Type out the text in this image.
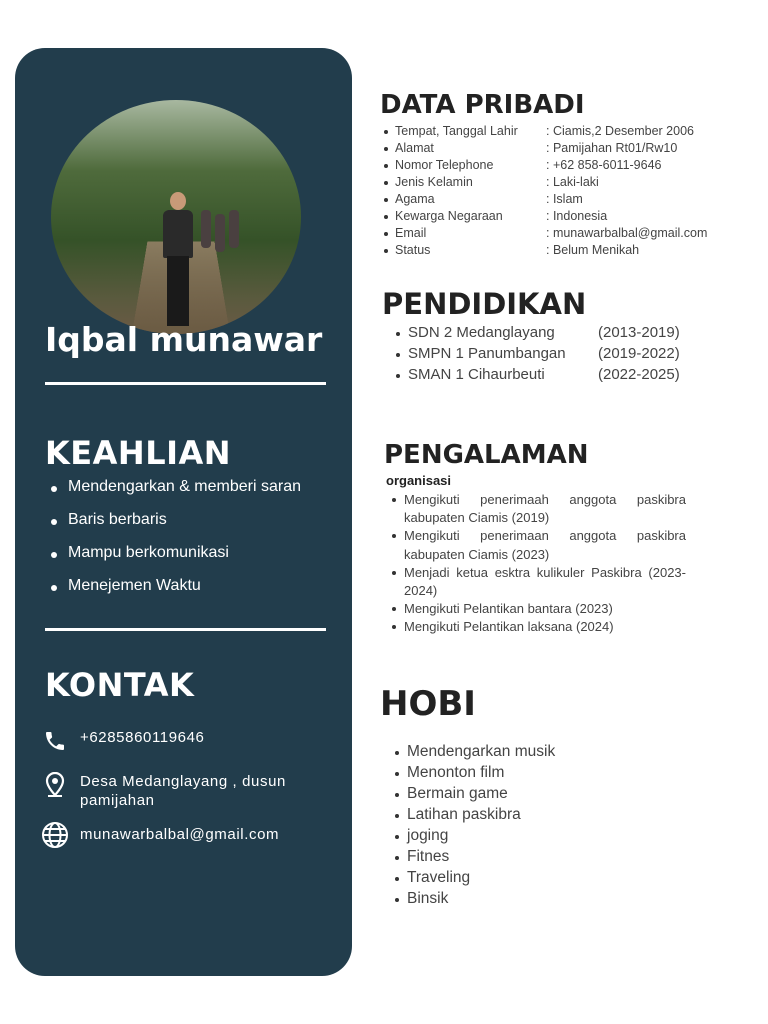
Iqbal munawar
KEAHLIAN
Mendengarkan & memberi saran
Baris berbaris
Mampu berkomunikasi
Menejemen Waktu
KONTAK
+6285860119646
Desa Medanglayang , dusun
pamijahan
munawarbalbal@gmail.com
DATA PRIBADI
Tempat, Tanggal Lahir : Ciamis,2 Desember 2006
Alamat	: Pamijahan Rt01/Rw10
Nomor Telephone	: +62 858-6011-9646
Jenis Kelamin	: Laki-laki
Agama	: Islam
Kewarga Negaraan	: Indonesia
Email	: munawarbalbal@gmail.com
Status	: Belum Menikah
PENDIDIKAN
SDN 2 Medanglayang	(2013-2019)
SMPN 1 Panumbangan (2019-2022)
SMAN 1 Cihaurbeuti	(2022-2025)
PENGALAMAN
organisasi
Mengikuti penerimaah anggota paskibra kabupaten Ciamis (2019)
Mengikuti penerimaan anggota paskibra kabupaten Ciamis (2023)
Menjadi ketua esktra kulikuler Paskibra (2023-2024)
Mengikuti Pelantikan bantara (2023)
Mengikuti Pelantikan laksana (2024)
HOBI
Mendengarkan musik
Menonton film
Bermain game
Latihan paskibra
joging
Fitnes
Traveling
Binsik
